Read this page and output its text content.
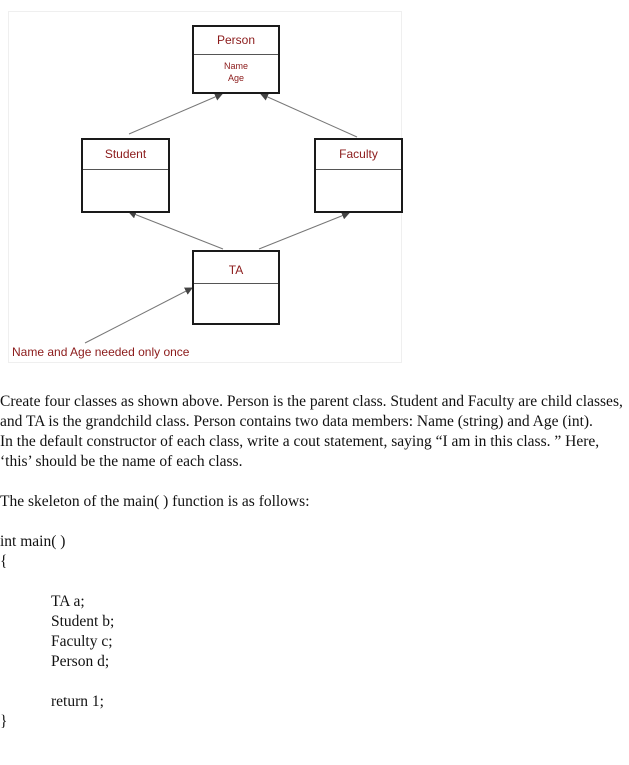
Person
Name
Age
Student	Faculty
TA
Name and Age needed only once

Create four classes as shown above. Person is the parent class. Student and Faculty are child classes, and TA is the grandchild class. Person contains two data members: Name (string) and Age (int).

In the default constructor of each class, write a cout statement, saying “I am in this class. ” Here, ‘this’ should be the name of each class.

The skeleton of the main( ) function is as follows:

int main( )

{

TA a;

Student b;

Faculty c;

Person d;

return 1;

}
